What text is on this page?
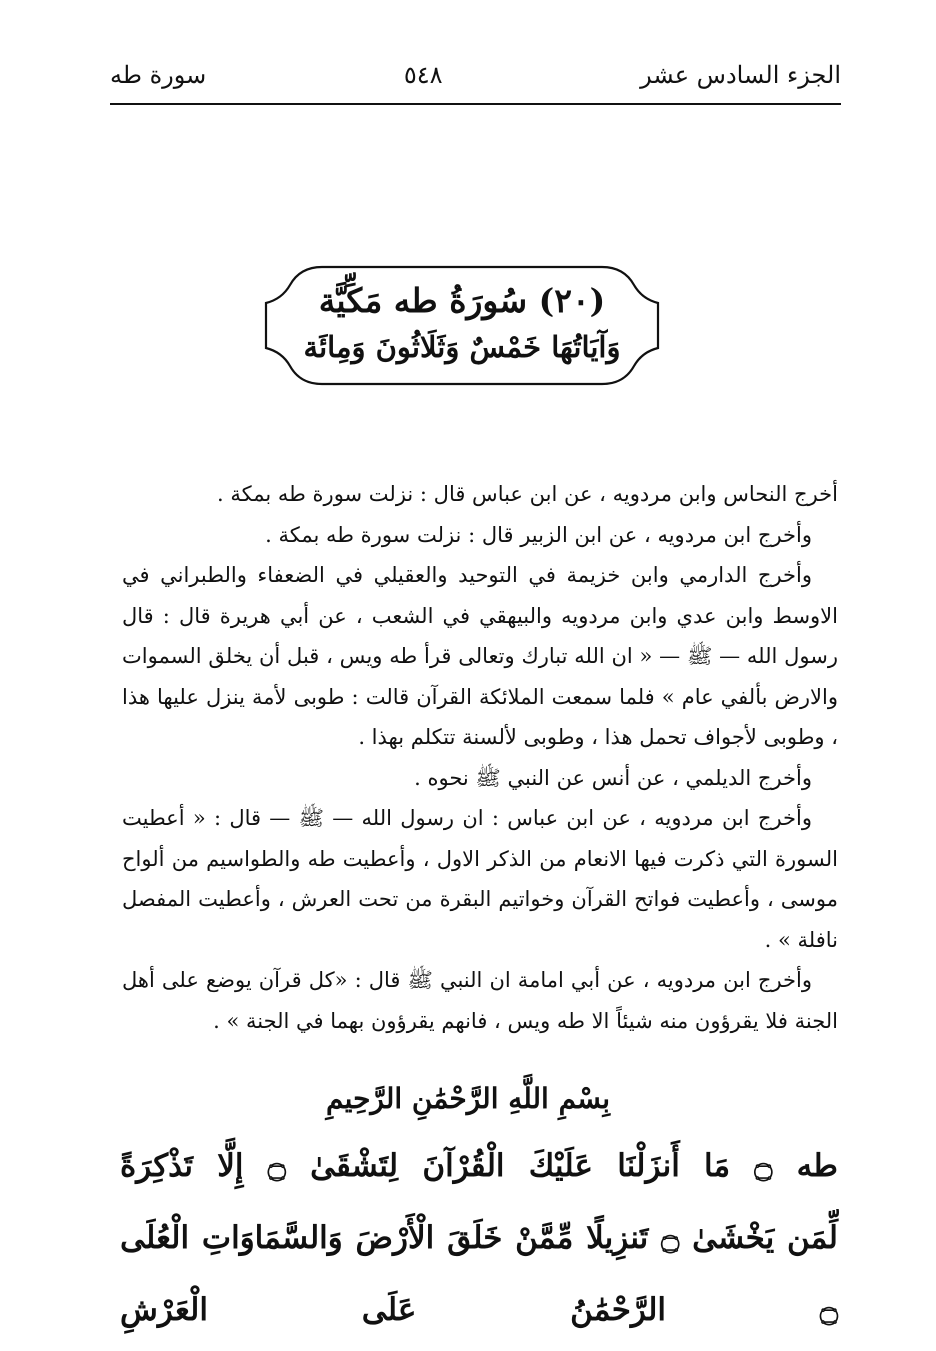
الجزء السادس عشر
٥٤٨
سورة طه
(٢٠) سُورَةُ طه مَكِّيَّة
وَآيَاتُهَا خَمْسٌ وَثَلَاثُونَ وَمِائَة

أخرج النحاس وابن مردويه ، عن ابن عباس قال : نزلت سورة طه بمكة .

وأخرج ابن مردويه ، عن ابن الزبير قال : نزلت سورة طه بمكة .

وأخرج الدارمي وابن خزيمة في التوحيد والعقيلي في الضعفاء والطبراني في الاوسط وابن عدي وابن مردويه والبيهقي في الشعب ، عن أبي هريرة قال : قال رسول الله — ﷺ — « ان الله تبارك وتعالى قرأ طه ويس ، قبل أن يخلق السموات والارض بألفي عام » فلما سمعت الملائكة القرآن قالت : طوبى لأمة ينزل عليها هذا ، وطوبى لأجواف تحمل هذا ، وطوبى لألسنة تتكلم بهذا .

وأخرج الديلمي ، عن أنس عن النبي ﷺ نحوه .

وأخرج ابن مردويه ، عن ابن عباس : ان رسول الله — ﷺ — قال : « أعطيت السورة التي ذكرت فيها الانعام من الذكر الاول ، وأعطيت طه والطواسيم من ألواح موسى ، وأعطيت فواتح القرآن وخواتيم البقرة من تحت العرش ، وأعطيت المفصل نافلة » .

وأخرج ابن مردويه ، عن أبي امامة ان النبي ﷺ قال : «كل قرآن يوضع على أهل الجنة فلا يقرؤون منه شيئاً الا طه ويس ، فانهم يقرؤون بهما في الجنة » .

بِسْمِ اللَّهِ الرَّحْمَٰنِ الرَّحِيمِ

طه ۝ مَا أَنزَلْنَا عَلَيْكَ الْقُرْآنَ لِتَشْقَىٰ ۝ إِلَّا تَذْكِرَةً

لِّمَن يَخْشَىٰ ۝ تَنزِيلًا مِّمَّنْ خَلَقَ الْأَرْضَ وَالسَّمَاوَاتِ الْعُلَى ۝ الرَّحْمَٰنُ عَلَى الْعَرْشِ
